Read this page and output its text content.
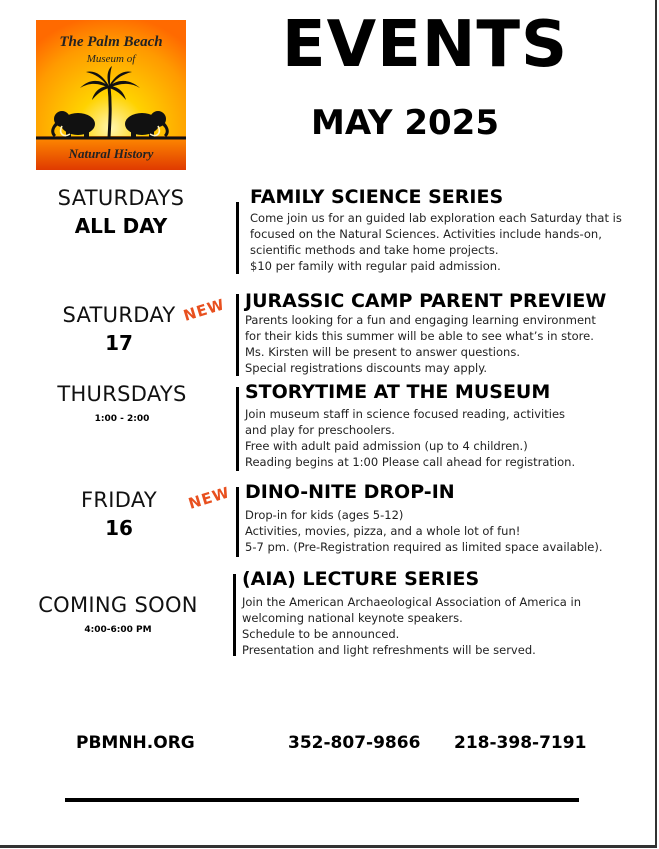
The Palm Beach
Museum of
Natural History
EVENTS
MAY 2025
SATURDAYS
ALL DAY
FAMILY SCIENCE SERIES
Come join us for an guided lab exploration each Saturday that is
focused on the Natural Sciences. Activities include hands-on,
scientific methods and take home projects.
$10 per family with regular paid admission.
SATURDAY
17
NEW JURASSIC CAMP PARENT PREVIEW
Parents looking for a fun and engaging learning environment
for their kids this summer will be able to see what’s in store.
Ms. Kirsten will be present to answer questions.
Special registrations discounts may apply.
THURSDAYS
1:00 - 2:00
STORYTIME AT THE MUSEUM
Join museum staff in science focused reading, activities
and play for preschoolers.
Free with adult paid admission (up to 4 children.)
Reading begins at 1:00 Please call ahead for registration.
FRIDAY
16
NEW DINO-NITE DROP-IN
Drop-in for kids (ages 5-12)
Activities, movies, pizza, and a whole lot of fun!
5-7 pm. (Pre-Registration required as limited space available).
COMING SOON
4:00-6:00 PM
(AIA) LECTURE SERIES
Join the American Archaeological Association of America in
welcoming national keynote speakers.
Schedule to be announced.
Presentation and light refreshments will be served.
PBMNH.ORG	352-807-9866 218-398-7191
